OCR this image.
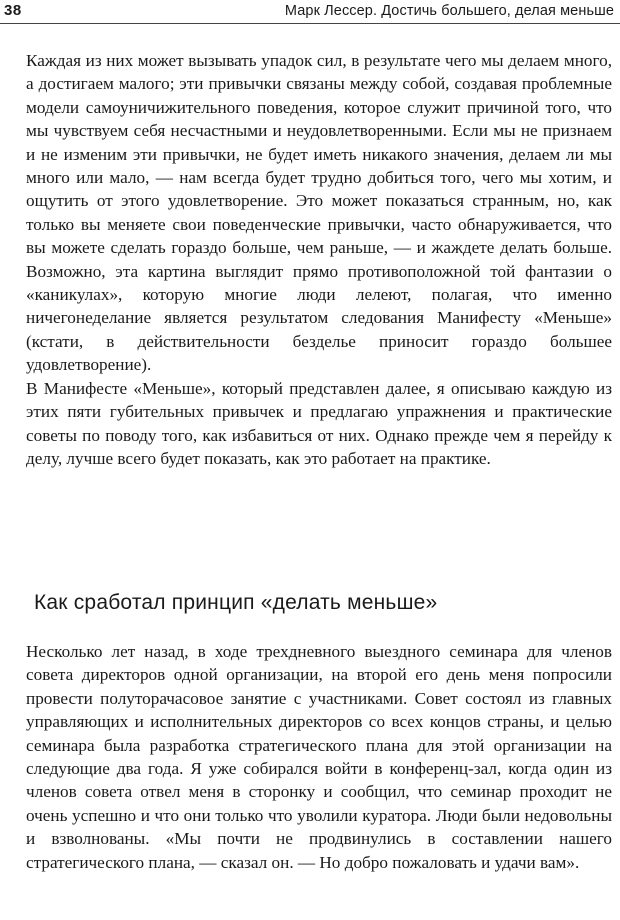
38	Марк Лессер. Достичь большего, делая меньше

Каждая из них может вызывать упадок сил, в результате чего мы делаем много, а достигаем малого; эти привычки связаны между собой, создавая проблемные модели самоуничижительного поведения, которое служит причиной того, что мы чувствуем себя несчастными и неудовлетворенными. Если мы не признаем и не изменим эти привычки, не будет иметь никакого значения, делаем ли мы много или мало, — нам всегда будет трудно добиться того, чего мы хотим, и ощутить от этого удовлетворение. Это может показаться странным, но, как только вы меняете свои поведенческие привычки, часто обнаруживается, что вы можете сделать гораздо больше, чем раньше, — и жаждете делать больше. Возможно, эта картина выглядит прямо противоположной той фантазии о «каникулах», которую многие люди лелеют, полагая, что именно ничегонеделание является результатом следования Манифесту «Меньше» (кстати, в действительности безделье приносит гораздо большее удовлетворение).

В Манифесте «Меньше», который представлен далее, я описываю каждую из этих пяти губительных привычек и предлагаю упражнения и практические советы по поводу того, как избавиться от них. Однако прежде чем я перейду к делу, лучше всего будет показать, как это работает на практике.

Как сработал принцип «делать меньше»

Несколько лет назад, в ходе трехдневного выездного семинара для членов совета директоров одной организации, на второй его день меня попросили провести полуторачасовое занятие с участниками. Совет состоял из главных управляющих и исполнительных директоров со всех концов страны, и целью семинара была разработка стратегического плана для этой организации на следующие два года. Я уже собирался войти в конференц-зал, когда один из членов совета отвел меня в сторонку и сообщил, что семинар проходит не очень успешно и что они только что уволили куратора. Люди были недовольны и взволнованы. «Мы почти не продвинулись в составлении нашего стратегического плана, — сказал он. — Но добро пожаловать и удачи вам».
